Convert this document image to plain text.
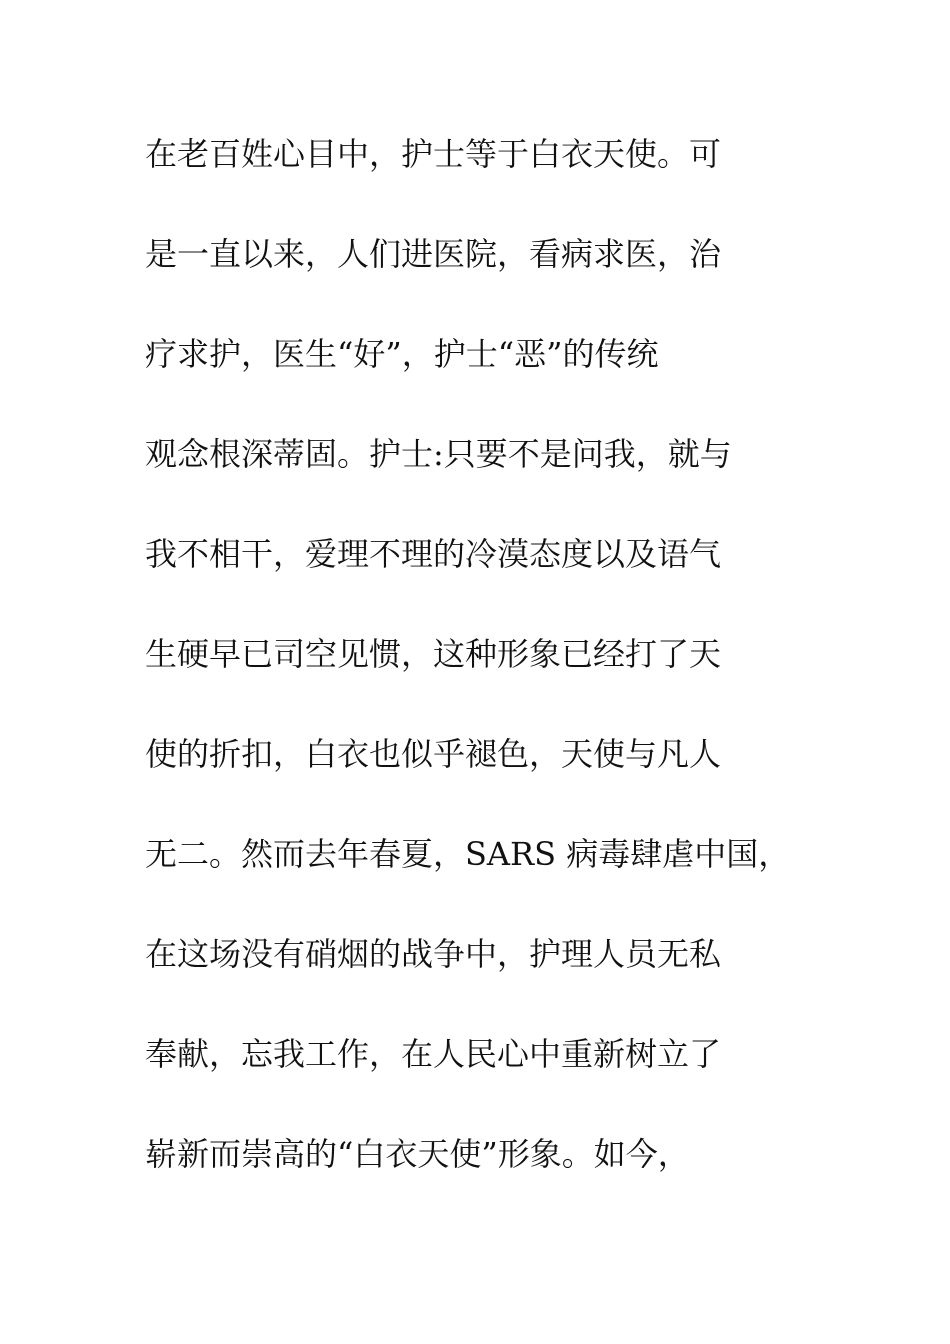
在老百姓心目中，护士等于白衣天使。可
是一直以来，人们进医院，看病求医，治
疗求护，医生“好”，护士“恶”的传统
观念根深蒂固。护士:只要不是问我，就与
我不相干，爱理不理的冷漠态度以及语气
生硬早已司空见惯，这种形象已经打了天
使的折扣，白衣也似乎褪色，天使与凡人
无二。然而去年春夏，SARS 病毒肆虐中国，
在这场没有硝烟的战争中，护理人员无私
奉献，忘我工作，在人民心中重新树立了
崭新而崇高的“白衣天使”形象。如今，
